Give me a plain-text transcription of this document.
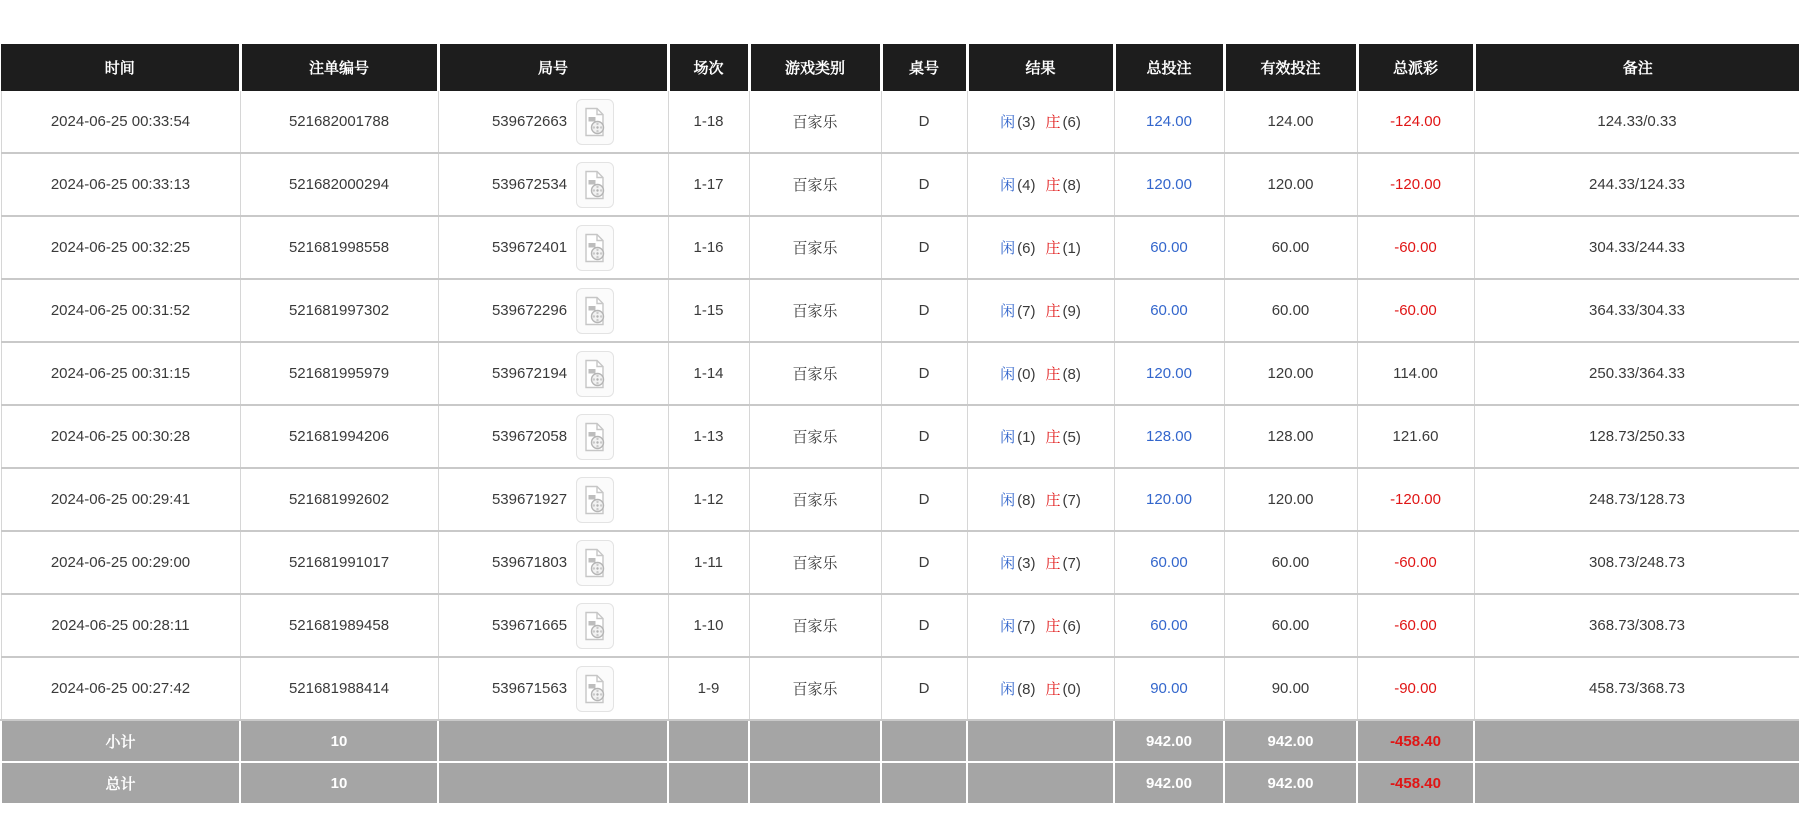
时间	注单编号	局号	场次	游戏类别	桌号	结果	总投注	有效投注	总派彩	备注
2024-06-25 00:33:54	521682001788	539672663	1-18	百家乐	D	闲 (3) 庄 (6)	124.00	124.00	-124.00	124.33/0.33
2024-06-25 00:33:13	521682000294	539672534	1-17	百家乐	D	闲 (4) 庄 (8)	120.00	120.00	-120.00	244.33/124.33
2024-06-25 00:32:25	521681998558	539672401	1-16	百家乐	D	闲 (6) 庄 (1)	60.00	60.00	-60.00	304.33/244.33
2024-06-25 00:31:52	521681997302	539672296	1-15	百家乐	D	闲 (7) 庄 (9)	60.00	60.00	-60.00	364.33/304.33
2024-06-25 00:31:15	521681995979	539672194	1-14	百家乐	D	闲 (0) 庄 (8)	120.00	120.00	114.00	250.33/364.33
2024-06-25 00:30:28	521681994206	539672058	1-13	百家乐	D	闲 (1) 庄 (5)	128.00	128.00	121.60	128.73/250.33
2024-06-25 00:29:41	521681992602	539671927	1-12	百家乐	D	闲 (8) 庄 (7)	120.00	120.00	-120.00	248.73/128.73
2024-06-25 00:29:00	521681991017	539671803	1-11	百家乐	D	闲 (3) 庄 (7)	60.00	60.00	-60.00	308.73/248.73
2024-06-25 00:28:11	521681989458	539671665	1-10	百家乐	D	闲 (7) 庄 (6)	60.00	60.00	-60.00	368.73/308.73
2024-06-25 00:27:42	521681988414	539671563	1-9	百家乐	D	闲 (8) 庄 (0)	90.00	90.00	-90.00	458.73/368.73
小计	10						942.00	942.00	-458.40	
总计	10						942.00	942.00	-458.40	
